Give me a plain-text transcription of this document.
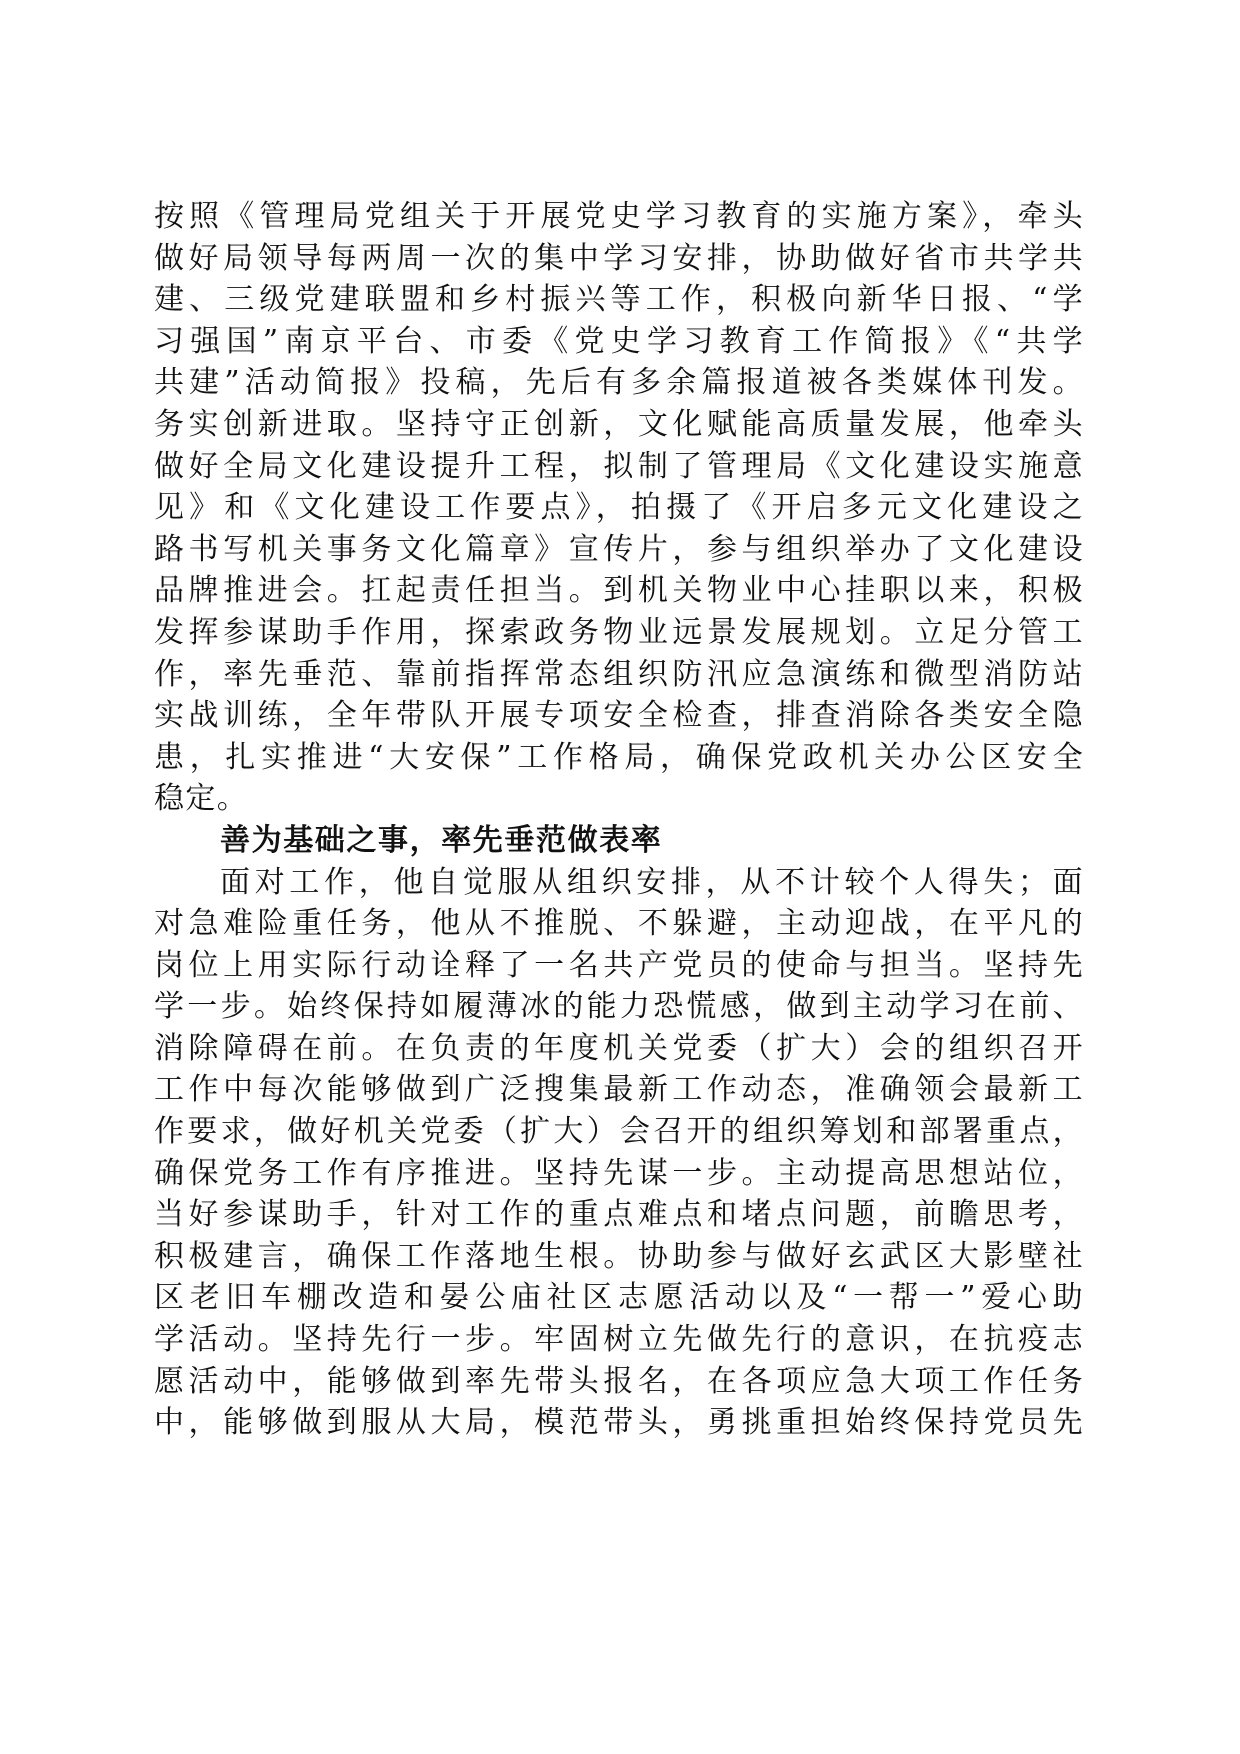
按照《管理局党组关于开展党史学习教育的实施方案》，牵头
做好局领导每两周一次的集中学习安排，协助做好省市共学共
建、三级党建联盟和乡村振兴等工作，积极向新华日报、“学
习强国”南京平台、市委《党史学习教育工作简报》《“共学
共建”活动简报》投稿，先后有多余篇报道被各类媒体刊发。
务实创新进取。坚持守正创新，文化赋能高质量发展，他牵头
做好全局文化建设提升工程，拟制了管理局《文化建设实施意
见》和《文化建设工作要点》，拍摄了《开启多元文化建设之
路书写机关事务文化篇章》宣传片，参与组织举办了文化建设
品牌推进会。扛起责任担当。到机关物业中心挂职以来，积极
发挥参谋助手作用，探索政务物业远景发展规划。立足分管工
作，率先垂范、靠前指挥常态组织防汛应急演练和微型消防站
实战训练，全年带队开展专项安全检查，排查消除各类安全隐
患，扎实推进“大安保”工作格局，确保党政机关办公区安全
稳定。
善为基础之事，率先垂范做表率
面对工作，他自觉服从组织安排，从不计较个人得失；面
对急难险重任务，他从不推脱、不躲避，主动迎战，在平凡的
岗位上用实际行动诠释了一名共产党员的使命与担当。坚持先
学一步。始终保持如履薄冰的能力恐慌感，做到主动学习在前、
消除障碍在前。在负责的年度机关党委（扩大）会的组织召开
工作中每次能够做到广泛搜集最新工作动态，准确领会最新工
作要求，做好机关党委（扩大）会召开的组织筹划和部署重点，
确保党务工作有序推进。坚持先谋一步。主动提高思想站位，
当好参谋助手，针对工作的重点难点和堵点问题，前瞻思考，
积极建言，确保工作落地生根。协助参与做好玄武区大影壁社
区老旧车棚改造和晏公庙社区志愿活动以及“一帮一”爱心助
学活动。坚持先行一步。牢固树立先做先行的意识，在抗疫志
愿活动中，能够做到率先带头报名，在各项应急大项工作任务
中，能够做到服从大局，模范带头，勇挑重担始终保持党员先
